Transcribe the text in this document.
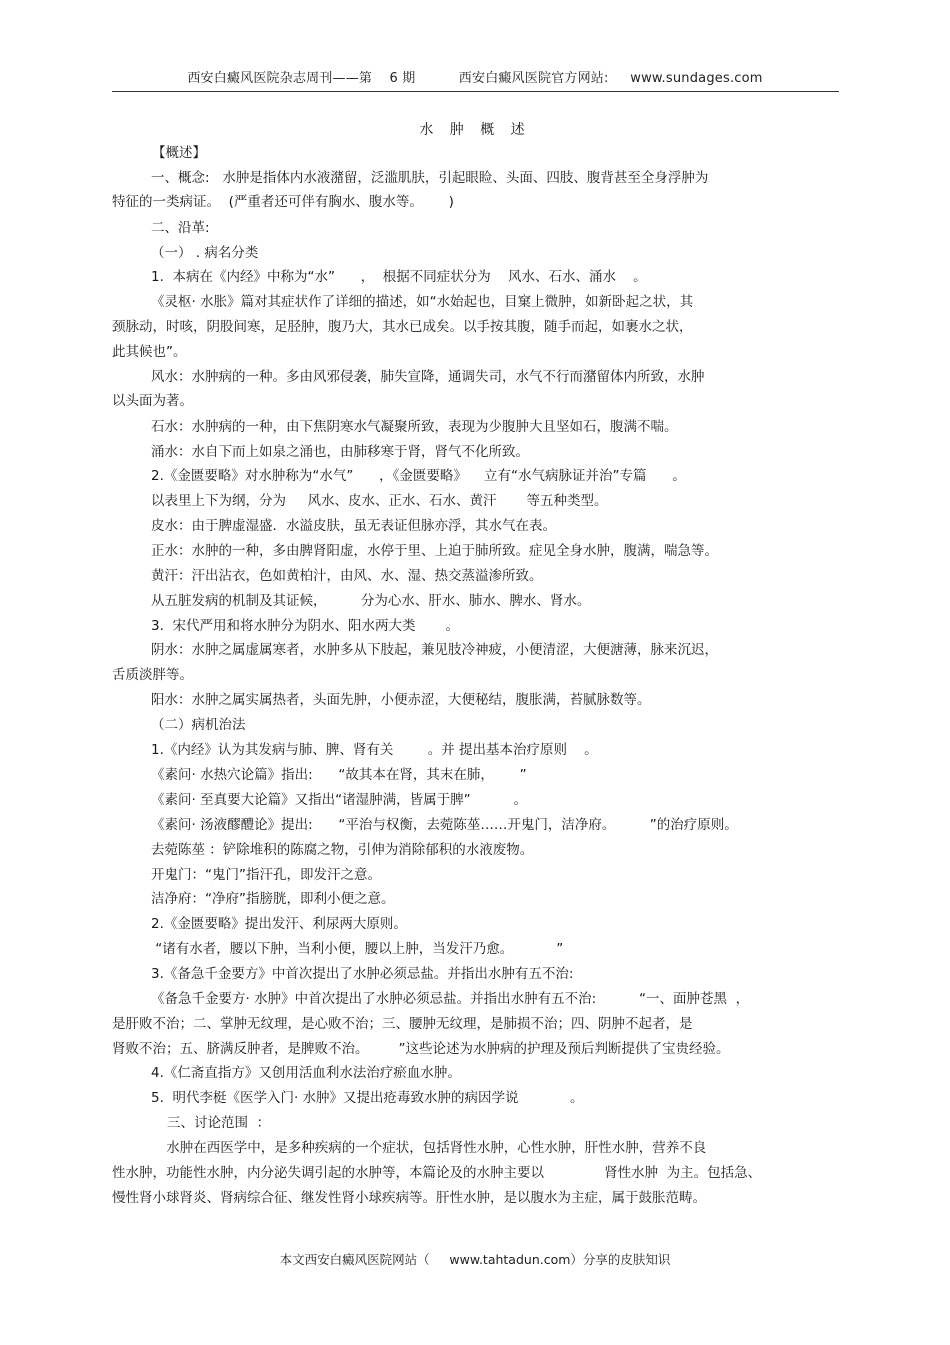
西安白癜风医院杂志周刊——第    6 期	西安白癜风医院官方网站:     www.sundages.com
水 肿 概 述
【概述】
一、概念:   水肿是指体内水液潴留，泛滥肌肤，引起眼睑、头面、四肢、腹背甚至全身浮肿为
特征的一类病证。  (严重者还可伴有胸水、腹水等。      )
二、沿革:
（一） . 病名分类
1.  本病在《内经》中称为“水”      ，  根据不同症状分为    风水、石水、涌水    。
《灵枢· 水胀》篇对其症状作了详细的描述，如“水始起也，目窠上微肿，如新卧起之状，其
颈脉动，时咳，阴股间寒，足胫肿，腹乃大，其水已成矣。以手按其腹，随手而起，如裹水之状，
此其候也”。
风水：水肿病的一种。多由风邪侵袭，肺失宣降，通调失司，水气不行而潴留体内所致，水肿
以头面为著。
石水：水肿病的一种，由下焦阴寒水气凝聚所致，表现为少腹肿大且坚如石，腹满不喘。
涌水：水自下而上如泉之涌也，由肺移寒于肾，肾气不化所致。
2.《金匮要略》对水肿称为“水气”      ，《金匮要略》    立有“水气病脉证并治”专篇      。
以表里上下为纲，分为     风水、皮水、正水、石水、黄汗       等五种类型。
皮水：由于脾虚湿盛．水溢皮肤，虽无表证但脉亦浮，其水气在表。
正水：水肿的一种，多由脾肾阳虚，水停于里、上迫于肺所致。症见全身水肿，腹满，喘急等。
黄汗：汗出沾衣，色如黄柏汁，由风、水、湿、热交蒸溢渗所致。
从五脏发病的机制及其证候，        分为心水、肝水、肺水、脾水、肾水。
3.  宋代严用和将水肿分为阴水、阳水两大类       。
阴水：水肿之属虚属寒者，水肿多从下肢起，兼见肢冷神疲，小便清涩，大便溏薄，脉来沉迟，
舌质淡胖等。
阳水：水肿之属实属热者，头面先肿，小便赤涩，大便秘结，腹胀满，苔腻脉数等。
（二）病机治法
1.《内经》认为其发病与肺、脾、肾有关        。并 提出基本治疗原则    。
《素问· 水热穴论篇》指出:      “故其本在肾，其末在肺，      ”
《素问· 至真要大论篇》又指出“诸湿肿满，皆属于脾”          。
《素问· 汤液醪醴论》提出:      “平治与权衡，去菀陈莝……开鬼门，洁净府。        ”的治疗原则。
去菀陈莝 ：铲除堆积的陈腐之物，引伸为消除郁积的水液废物。
开鬼门：“鬼门”指汗孔，即发汗之意。
洁净府：“净府”指膀胱，即利小便之意。
2.《金匮要略》提出发汗、利尿两大原则。
“诸有水者，腰以下肿，当利小便，腰以上肿，当发汗乃愈。          ”
3.《备急千金要方》中首次提出了水肿必须忌盐。并指出水肿有五不治:
《备急千金要方· 水肿》中首次提出了水肿必须忌盐。并指出水肿有五不治:          “一、面肿苍黑  ，
是肝败不治；二、掌肿无纹理，是心败不治；三、腰肿无纹理，是肺损不治；四、阴肿不起者，是
肾败不治；五、脐满反肿者，是脾败不治。       ”这些论述为水肿病的护理及预后判断提供了宝贵经验。
4.《仁斋直指方》又创用活血利水法治疗瘀血水肿。
5.  明代李梃《医学入门· 水肿》又提出疮毒致水肿的病因学说            。
三、讨论范围  ：
水肿在西医学中，是多种疾病的一个症状，包括肾性水肿，心性水肿，肝性水肿，营养不良
性水肿，功能性水肿，内分泌失调引起的水肿等，本篇论及的水肿主要以              肾性水肿  为主。包括急、
慢性肾小球肾炎、肾病综合征、继发性肾小球疾病等。肝性水肿，是以腹水为主症，属于鼓胀范畴。
本文西安白癜风医院网站（     www.tahtadun.com）分享的皮肤知识
